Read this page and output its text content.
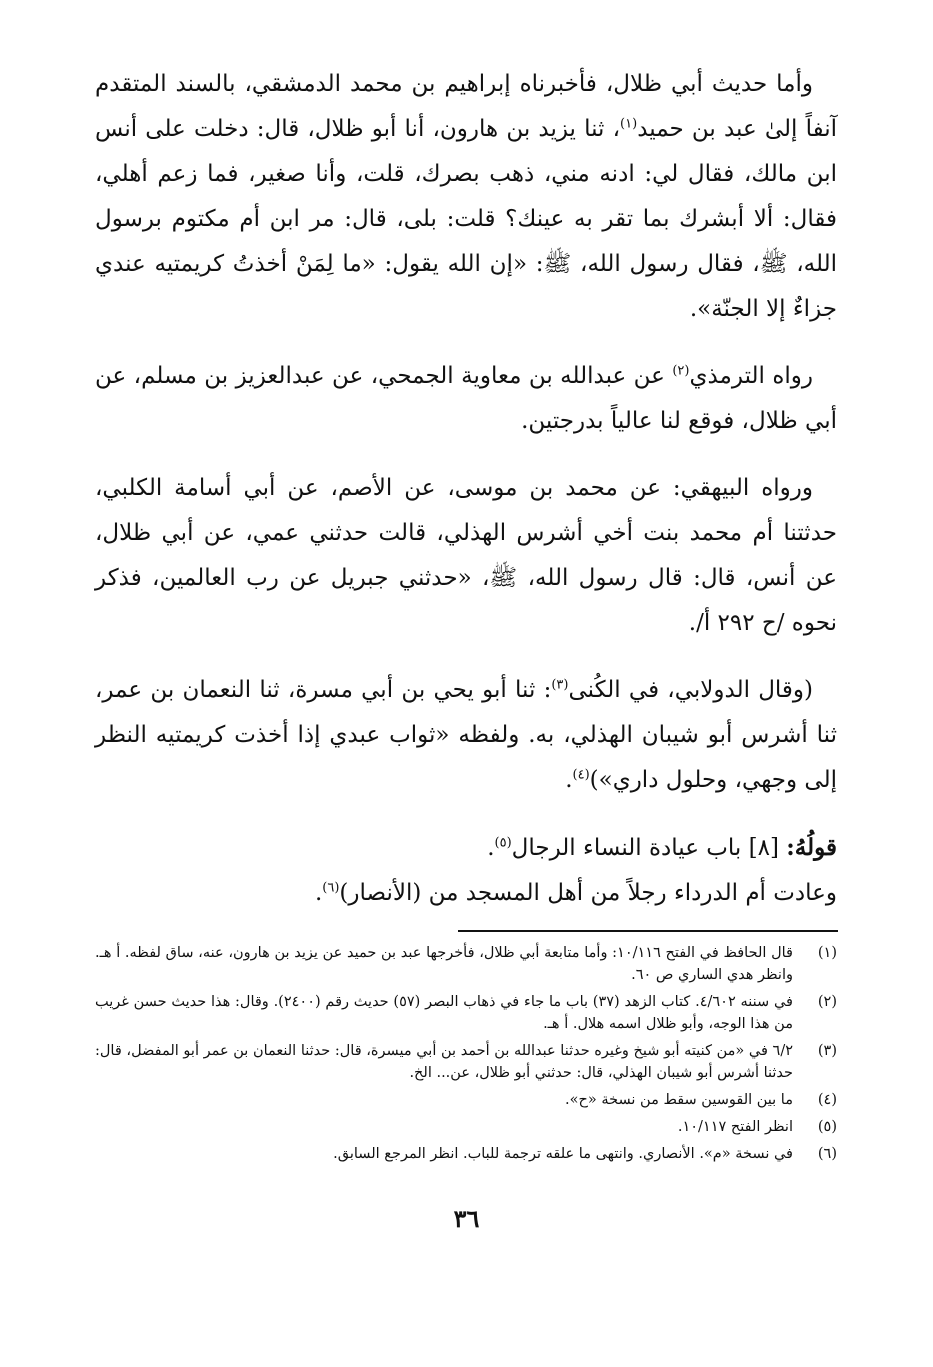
وأما حديث أبي ظلال، فأخبرناه إبراهيم بن محمد الدمشقي، بالسند المتقدم آنفاً إلىٰ عبد بن حميد$^{(١)}$، ثنا يزيد بن هارون، أنا أبو ظلال، قال: دخلت على أنس ابن مالك، فقال لي: ادنه مني، ذهب بصرك، قلت، وأنا صغير، فما زعم أهلي، فقال: ألا أبشرك بما تقر به عينك؟ قلت: بلى، قال: مر ابن أم مكتوم برسول الله، ﷺ، فقال رسول الله، ﷺ: «إن الله يقول: «ما لِمَنْ أخذتُ كريمتيه عندي جزاءٌ إلا الجنّة».

رواه الترمذي$^{(٢)}$ عن عبدالله بن معاوية الجمحي، عن عبدالعزيز بن مسلم، عن أبي ظلال، فوقع لنا عالياً بدرجتين.

ورواه البيهقي: عن محمد بن موسى، عن الأصم، عن أبي أسامة الكلبي، حدثتنا أم محمد بنت أخي أشرس الهذلي، قالت حدثني عمي، عن أبي ظلال، عن أنس، قال: قال رسول الله، ﷺ، «حدثني جبريل عن رب العالمين، فذكر نحوه /ح ٢٩٢ أ/.

(وقال الدولابي، في الكُنى$^{(٣)}$: ثنا أبو يحي بن أبي مسرة، ثنا النعمان بن عمر، ثنا أشرس أبو شيبان الهذلي، به. ولفظه «ثواب عبدي إذا أخذت كريمتيه النظر إلى وجهي، وحلول داري»)$^{(٤)}$.

قولُهُ: [٨] باب عيادة النساء الرجال$^{(٥)}$.
وعادت أم الدرداء رجلاً من أهل المسجد من (الأنصار)$^{(٦)}$.
(١)
قال الحافظ في الفتح ١٠/١١٦: وأما متابعة أبي ظلال، فأخرجها عبد بن حميد عن يزيد بن هارون، عنه، ساق لفظه. أ هـ. وانظر هدي الساري ص ٦٠.
(٢)
في سننه ٤/٦٠٢. كتاب الزهد (٣٧) باب ما جاء في ذهاب البصر (٥٧) حديث رقم (٢٤٠٠). وقال: هذا حديث حسن غريب من هذا الوجه، وأبو ظلال اسمه هلال. أ هـ.
(٣)
٦/٢ في «من كنيته أبو شيخ وغيره حدثنا عبدالله بن أحمد بن أبي ميسرة، قال: حدثنا النعمان بن عمر أبو المفضل، قال: حدثنا أشرس أبو شيبان الهذلي، قال: حدثني أبو ظلال، عن... الخ.
(٤)
ما بين القوسين سقط من نسخة «ح».
(٥)
انظر الفتح ١٠/١١٧.
(٦)
في نسخة «م». الأنصاري. وانتهى ما علقه ترجمة للباب. انظر المرجع السابق.
٣٦
